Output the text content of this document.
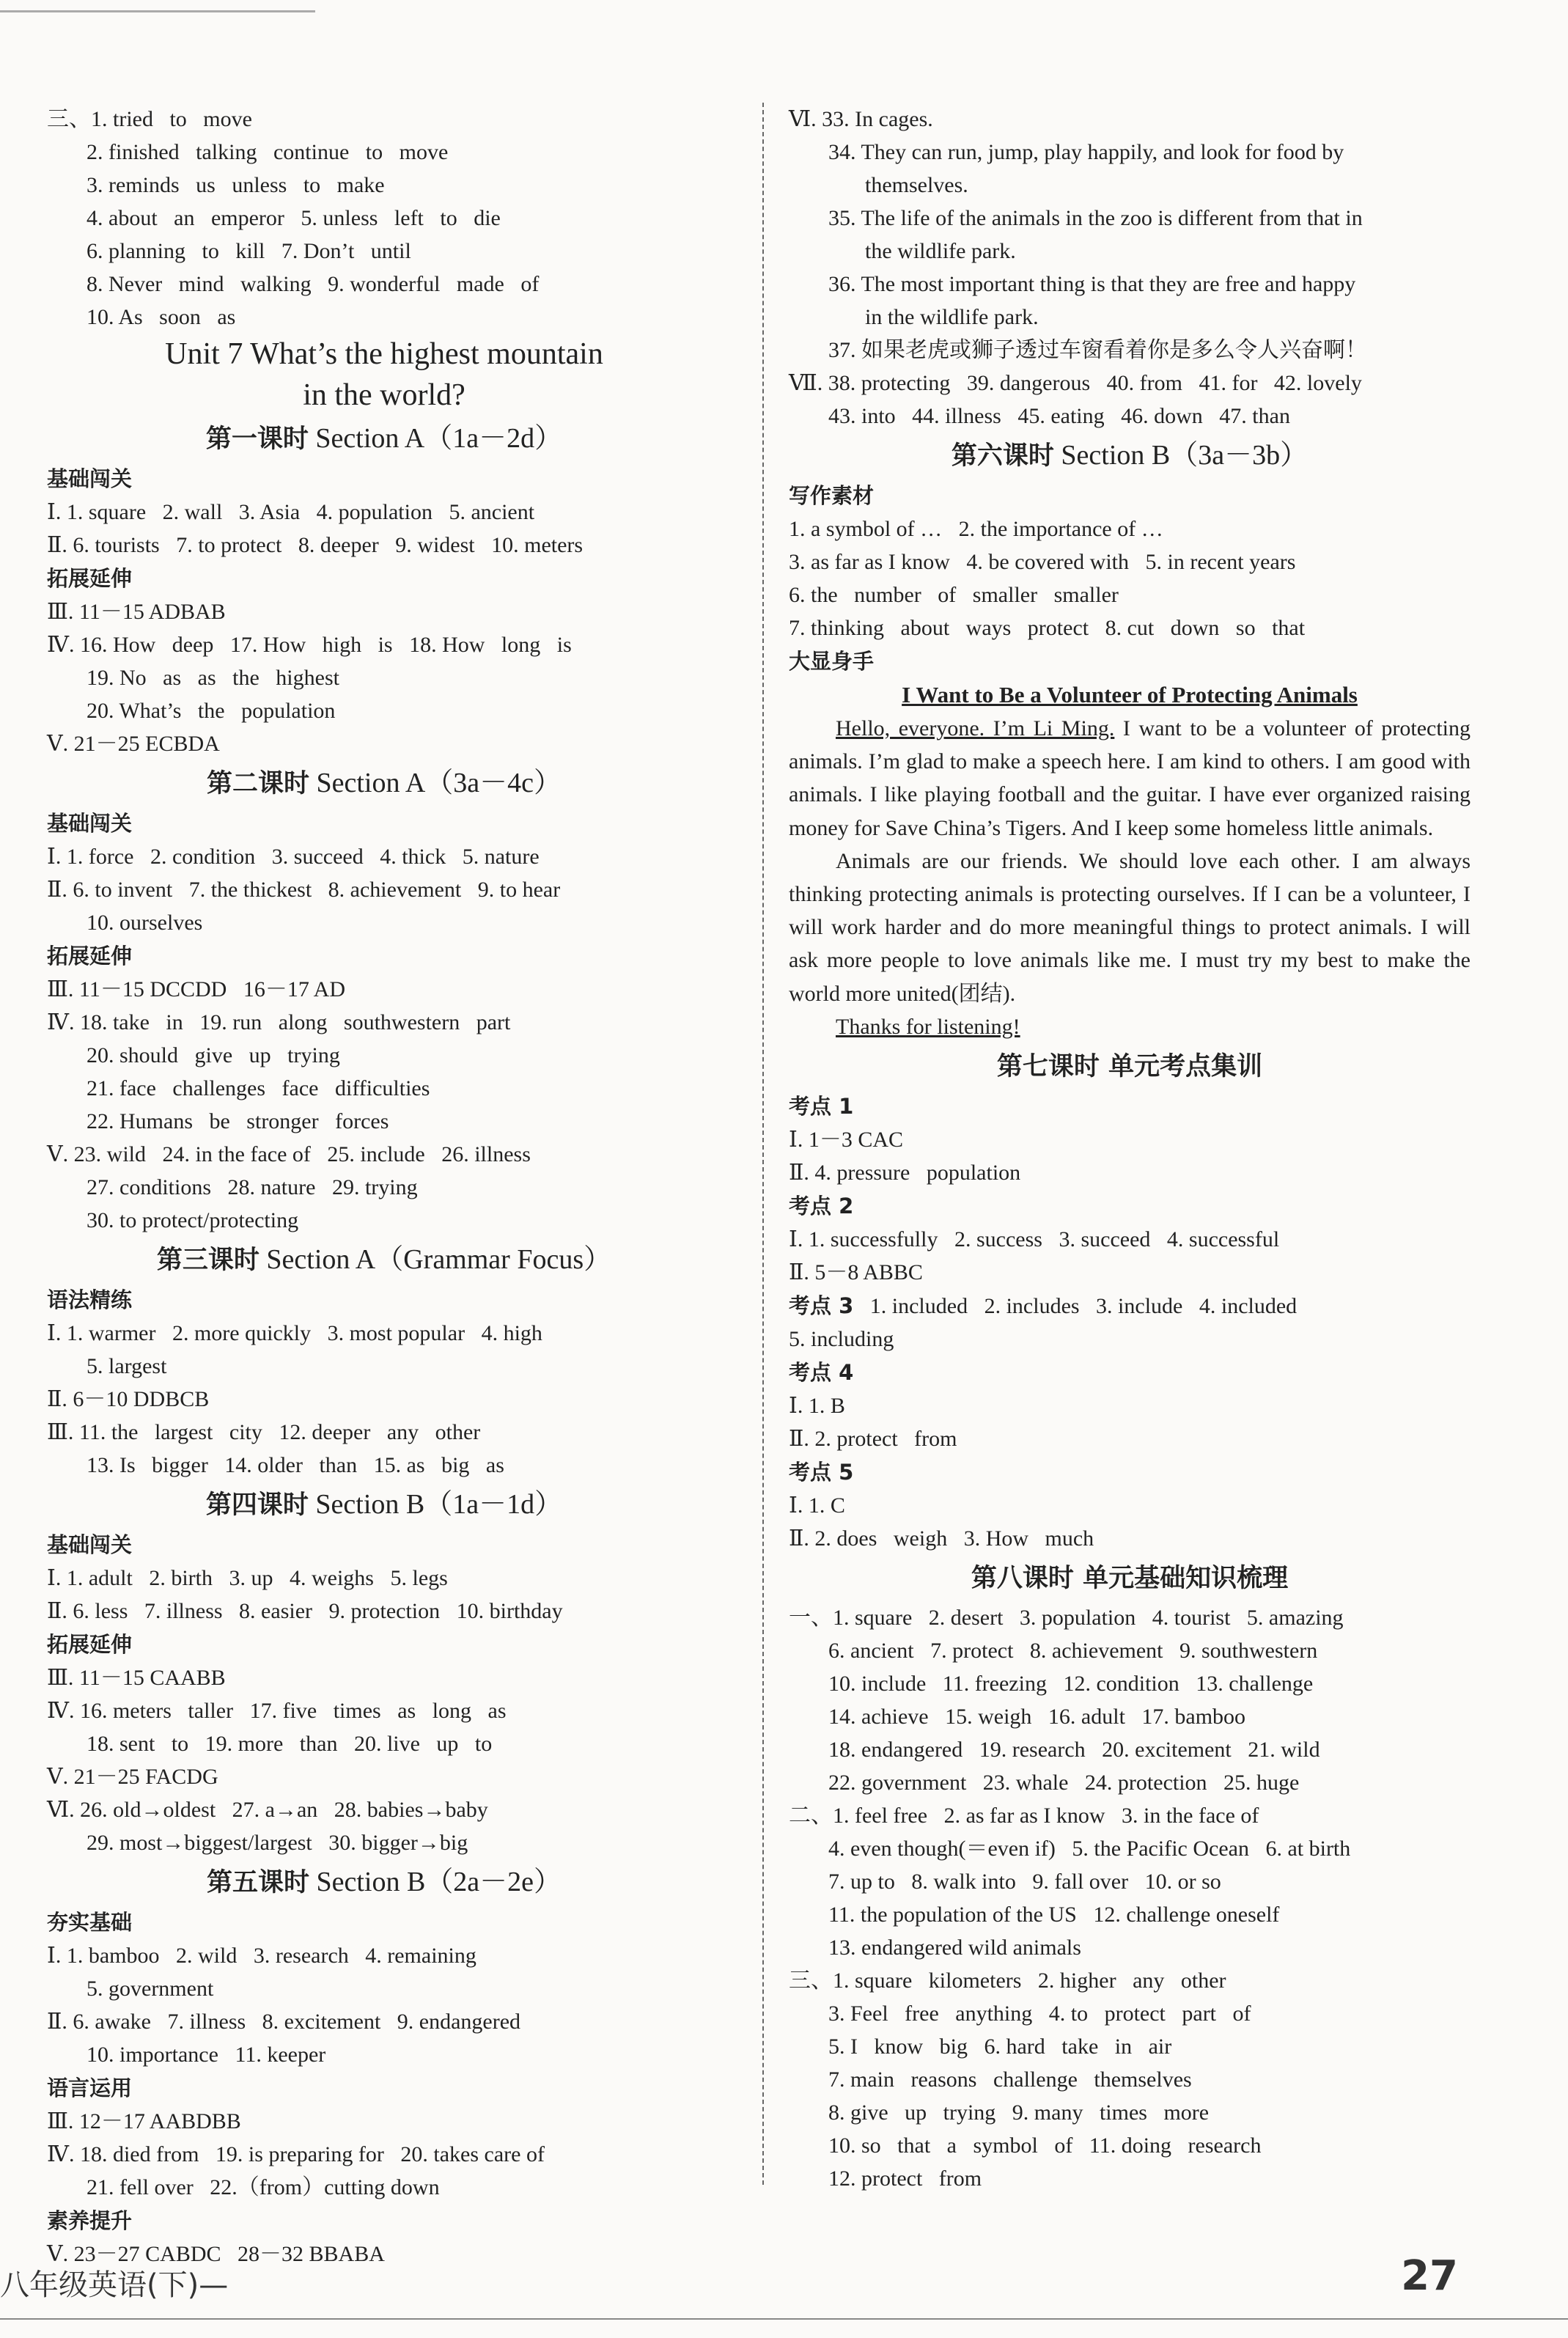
三、1. tried   to   move
2. finished   talking   continue   to   move
3. reminds   us   unless   to   make
4. about   an   emperor   5. unless   left   to   die
6. planning   to   kill   7. Don’t   until
8. Never   mind   walking   9. wonderful   made   of
10. As   soon   as
Unit 7 What’s the highest mountain
in the world?
第一课时 Section A（1a－2d）
基础闯关
Ⅰ. 1. square   2. wall   3. Asia   4. population   5. ancient
Ⅱ. 6. tourists   7. to protect   8. deeper   9. widest   10. meters
拓展延伸
Ⅲ. 11－15 ADBAB
Ⅳ. 16. How   deep   17. How   high   is   18. How   long   is
19. No   as   as   the   highest
20. What’s   the   population
Ⅴ. 21－25 ECBDA
第二课时 Section A（3a－4c）
基础闯关
Ⅰ. 1. force   2. condition   3. succeed   4. thick   5. nature
Ⅱ. 6. to invent   7. the thickest   8. achievement   9. to hear
10. ourselves
拓展延伸
Ⅲ. 11－15 DCCDD   16－17 AD
Ⅳ. 18. take   in   19. run   along   southwestern   part
20. should   give   up   trying
21. face   challenges   face   difficulties
22. Humans   be   stronger   forces
Ⅴ. 23. wild   24. in the face of   25. include   26. illness
27. conditions   28. nature   29. trying
30. to protect/protecting
第三课时 Section A（Grammar Focus）
语法精练
Ⅰ. 1. warmer   2. more quickly   3. most popular   4. high
5. largest
Ⅱ. 6－10 DDBCB
Ⅲ. 11. the   largest   city   12. deeper   any   other
13. Is   bigger   14. older   than   15. as   big   as
第四课时 Section B（1a－1d）
基础闯关
Ⅰ. 1. adult   2. birth   3. up   4. weighs   5. legs
Ⅱ. 6. less   7. illness   8. easier   9. protection   10. birthday
拓展延伸
Ⅲ. 11－15 CAABB
Ⅳ. 16. meters   taller   17. five   times   as   long   as
18. sent   to   19. more   than   20. live   up   to
Ⅴ. 21－25 FACDG
Ⅵ. 26. old→oldest   27. a→an   28. babies→baby
29. most→biggest/largest   30. bigger→big
第五课时 Section B（2a－2e）
夯实基础
Ⅰ. 1. bamboo   2. wild   3. research   4. remaining
5. government
Ⅱ. 6. awake   7. illness   8. excitement   9. endangered
10. importance   11. keeper
语言运用
Ⅲ. 12－17 AABDBB
Ⅳ. 18. died from   19. is preparing for   20. takes care of
21. fell over   22.（from）cutting down
素养提升
Ⅴ. 23－27 CABDC   28－32 BBABA
Ⅵ. 33. In cages.
34. They can run, jump, play happily, and look for food by
themselves.
35. The life of the animals in the zoo is different from that in
the wildlife park.
36. The most important thing is that they are free and happy
in the wildlife park.
37. 如果老虎或狮子透过车窗看着你是多么令人兴奋啊！
Ⅶ. 38. protecting   39. dangerous   40. from   41. for   42. lovely
43. into   44. illness   45. eating   46. down   47. than
第六课时 Section B（3a－3b）
写作素材
1. a symbol of …   2. the importance of …
3. as far as I know   4. be covered with   5. in recent years
6. the   number   of   smaller   smaller
7. thinking   about   ways   protect   8. cut   down   so   that
大显身手
I Want to Be a Volunteer of Protecting Animals

Hello, everyone. I’m Li Ming. I want to be a volunteer of protecting animals. I’m glad to make a speech here. I am kind to others. I am good with animals. I like playing football and the guitar. I have ever organized raising money for Save China’s Tigers. And I keep some homeless little animals.

Animals are our friends. We should love each other. I am always thinking protecting animals is protecting ourselves. If I can be a volunteer, I will work harder and do more meaningful things to protect animals. I will ask more people to love animals like me. I must try my best to make the world more united(团结).

Thanks for listening!
第七课时 单元考点集训
考点 1
Ⅰ. 1－3 CAC
Ⅱ. 4. pressure   population
考点 2
Ⅰ. 1. successfully   2. success   3. succeed   4. successful
Ⅱ. 5－8 ABBC
考点 3   1. included   2. includes   3. include   4. included
5. including
考点 4
Ⅰ. 1. B
Ⅱ. 2. protect   from
考点 5
Ⅰ. 1. C
Ⅱ. 2. does   weigh   3. How   much
第八课时 单元基础知识梳理
一、1. square   2. desert   3. population   4. tourist   5. amazing
6. ancient   7. protect   8. achievement   9. southwestern
10. include   11. freezing   12. condition   13. challenge
14. achieve   15. weigh   16. adult   17. bamboo
18. endangered   19. research   20. excitement   21. wild
22. government   23. whale   24. protection   25. huge
二、1. feel free   2. as far as I know   3. in the face of
4. even though(＝even if)   5. the Pacific Ocean   6. at birth
7. up to   8. walk into   9. fall over   10. or so
11. the population of the US   12. challenge oneself
13. endangered wild animals
三、1. square   kilometers   2. higher   any   other
3. Feel   free   anything   4. to   protect   part   of
5. I   know   big   6. hard   take   in   air
7. main   reasons   challenge   themselves
8. give   up   trying   9. many   times   more
10. so   that   a   symbol   of   11. doing   research
12. protect   from
八年级英语(下)—	27
